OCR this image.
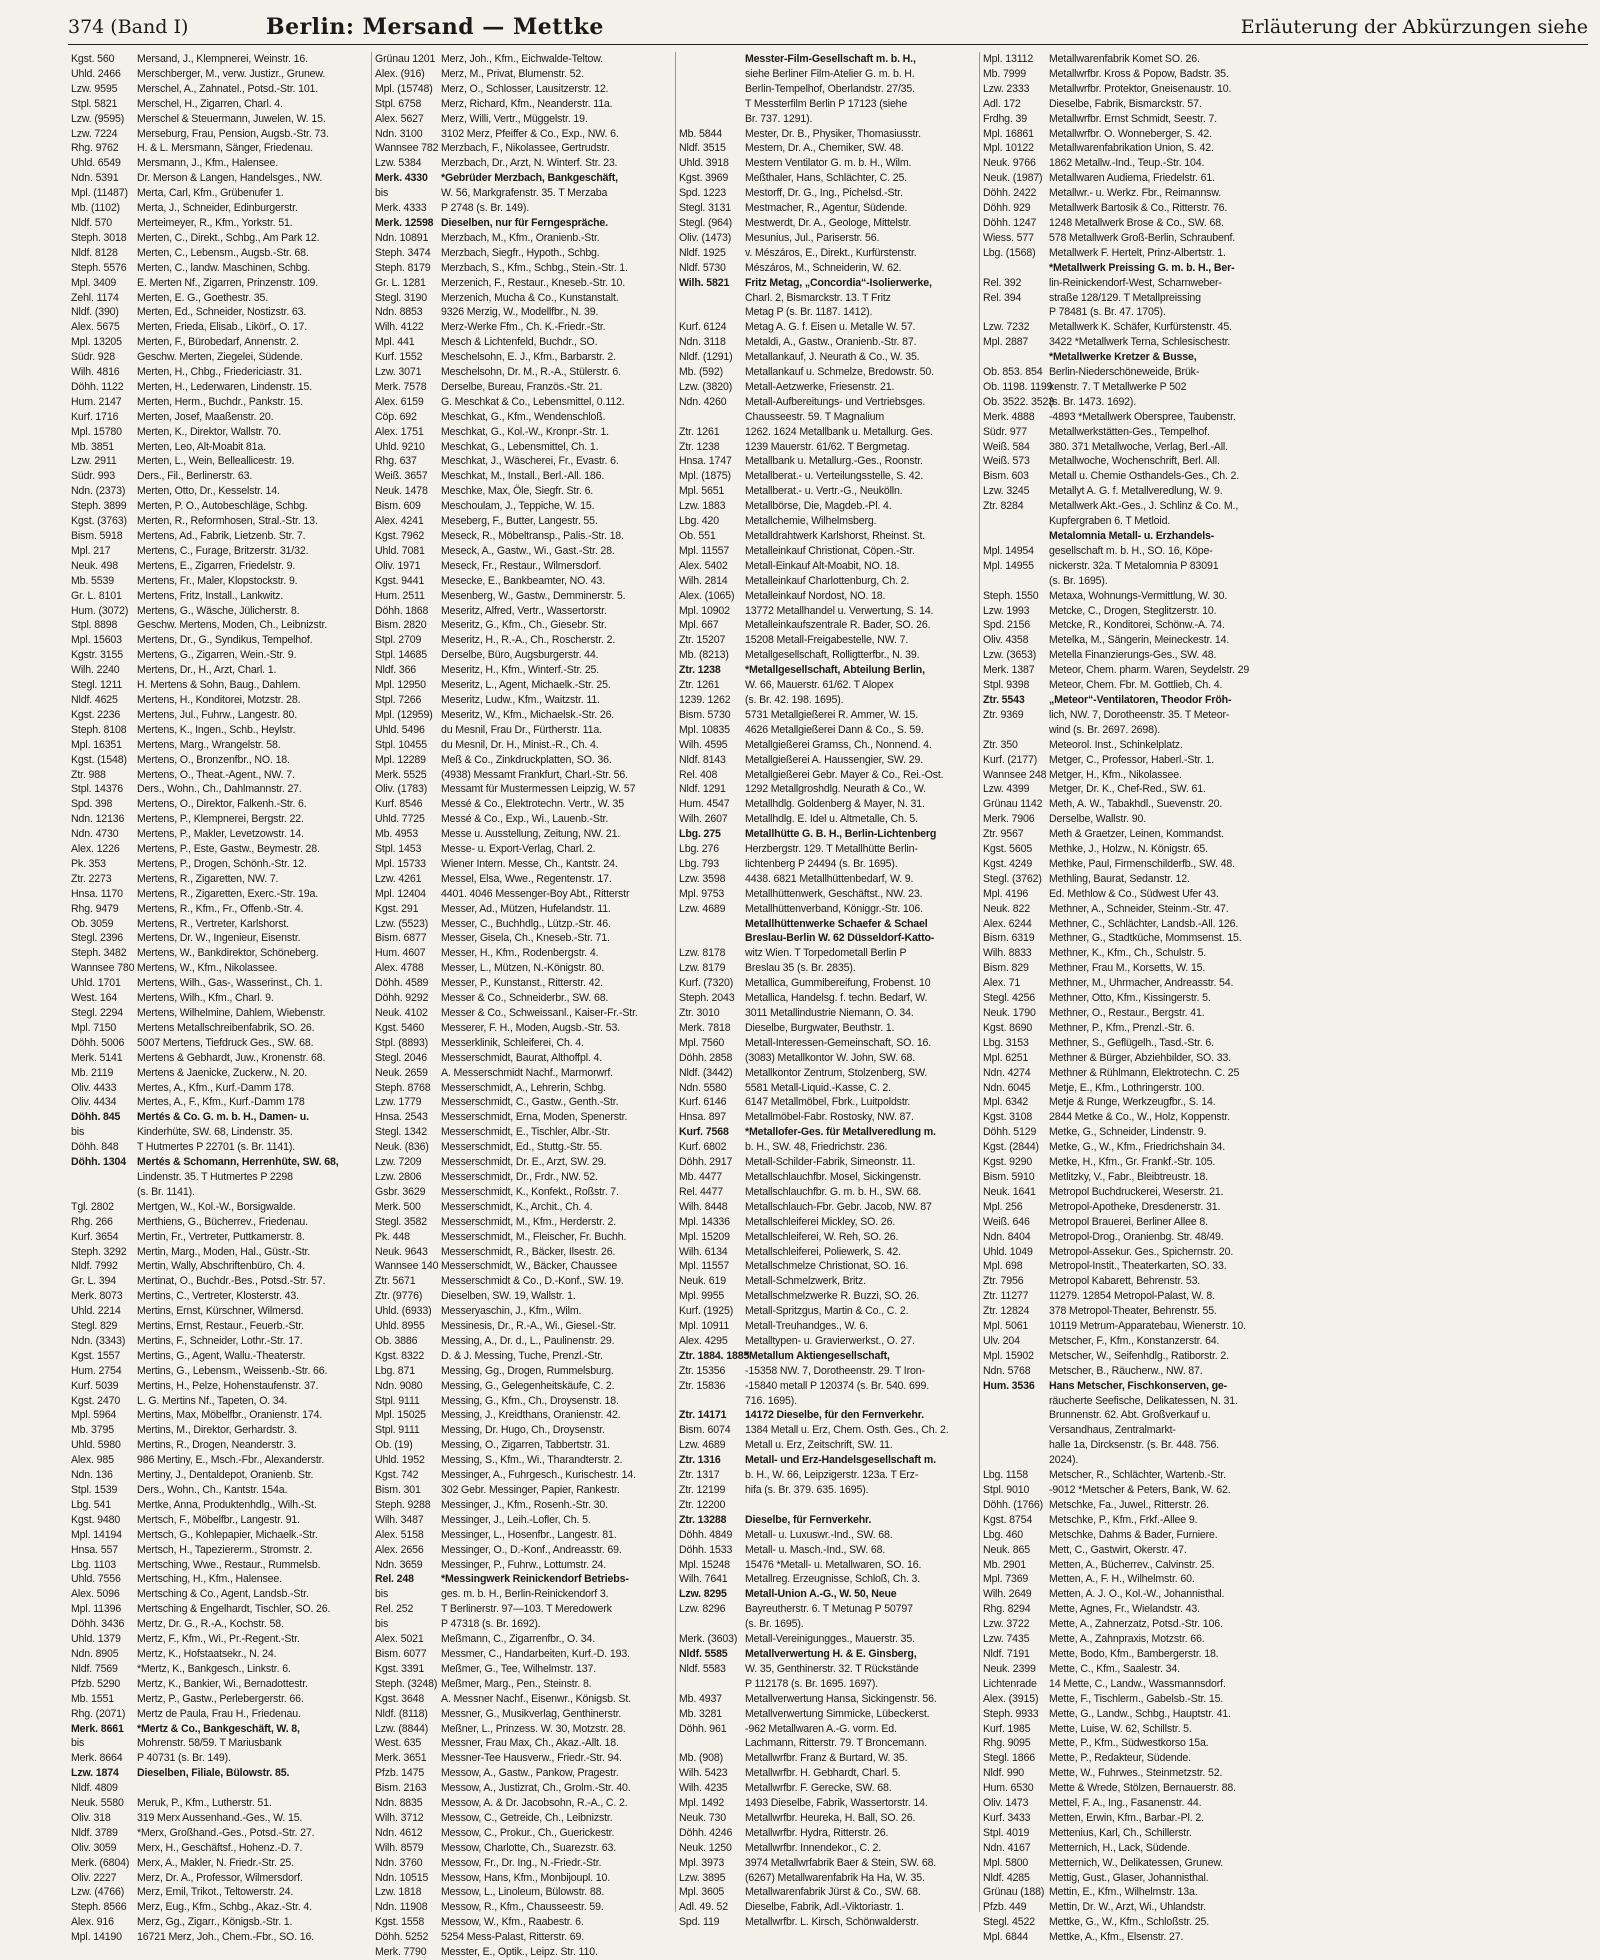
374 (Band I)	Berlin: Mersand — Mettke	Erläuterung der Abkürzungen siehe
Kgst. 560 Mersand, J., Klempnerei, Weinstr. 16.
Uhld. 2466 Merschberger, M., verw. Justizr., Grunew.
Lzw. 9595 Merschel, A., Zahnatel., Potsd.-Str. 101.
Stpl. 5821 Merschel, H., Zigarren, Charl. 4.
Lzw. (9595) Merschel & Steuermann, Juwelen, W. 15.
Lzw. 7224 Merseburg, Frau, Pension, Augsb.-Str. 73.
Rhg. 9762 H. & L. Mersmann, Sänger, Friedenau.
Uhld. 6549 Mersmann, J., Kfm., Halensee.
Ndn. 5391 Dr. Merson & Langen, Handelsges., NW.
Mpl. (11487) Merta, Carl, Kfm., Grübenufer 1.
Mb. (1102) Merta, J., Schneider, Edinburgerstr.
Nldf. 570 Merteimeyer, R., Kfm., Yorkstr. 51.
Steph. 3018 Merten, C., Direkt., Schbg., Am Park 12.
Nldf. 8128 Merten, C., Lebensm., Augsb.-Str. 68.
Steph. 5576 Merten, C., landw. Maschinen, Schbg.
Mpl. 3409 E. Merten Nf., Zigarren, Prinzenstr. 109.
Zehl. 1174 Merten, E. G., Goethestr. 35.
Nldf. (390) Merten, Ed., Schneider, Nostizstr. 63.
Alex. 5675 Merten, Frieda, Elisab., Likörf., O. 17.
Mpl. 13205 Merten, F., Bürobedarf, Annenstr. 2.
Südr. 928 Geschw. Merten, Ziegelei, Südende.
Wilh. 4816 Merten, H., Chbg., Friedericiastr. 31.
Döhh. 1122 Merten, H., Lederwaren, Lindenstr. 15.
Hum. 2147 Merten, Herm., Buchdr., Pankstr. 15.
Kurf. 1716 Merten, Josef, Maaßenstr. 20.
Mpl. 15780 Merten, K., Direktor, Wallstr. 70.
Mb. 3851 Merten, Leo, Alt-Moabit 81a.
Lzw. 2911 Merten, L., Wein, Belleallicestr. 19.
Südr. 993 Ders., Fil., Berlinerstr. 63.
Ndn. (2373) Merten, Otto, Dr., Kesselstr. 14.
Steph. 3899 Merten, P. O., Autobeschläge, Schbg.
Kgst. (3763) Merten, R., Reformhosen, Stral.-Str. 13.
Bism. 5918 Mertens, Ad., Fabrik, Lietzenb. Str. 7.
Mpl. 217	Mertens, C., Furage, Britzerstr. 31/32.
Neuk. 498 Mertens, E., Zigarren, Friedelstr. 9.
Mb. 5539 Mertens, Fr., Maler, Klopstockstr. 9.
Gr. L. 8101 Mertens, Fritz, Install., Lankwitz.
Hum. (3072) Mertens, G., Wäsche, Jülicherstr. 8.
Stpl. 8898 Geschw. Mertens, Moden, Ch., Leibnizstr.
Mpl. 15603 Mertens, Dr., G., Syndikus, Tempelhof.
Kgstr. 3155 Mertens, G., Zigarren, Wein.-Str. 9.
Wilh. 2240 Mertens, Dr., H., Arzt, Charl. 1.
Stegl. 1211 H. Mertens & Sohn, Baug., Dahlem.
Nldf. 4625 Mertens, H., Konditorei, Motzstr. 28.
Kgst. 2236 Mertens, Jul., Fuhrw., Langestr. 80.
Steph. 8108 Mertens, K., Ingen., Schb., Heylstr.
Mpl. 16351 Mertens, Marg., Wrangelstr. 58.
Kgst. (1548) Mertens, O., Bronzenfbr., NO. 18.
Ztr. 988	Mertens, O., Theat.-Agent., NW. 7.
Stpl. 14376 Ders., Wohn., Ch., Dahlmannstr. 27.
Spd. 398 Mertens, O., Direktor, Falkenh.-Str. 6.
Ndn. 12136 Mertens, P., Klempnerei, Bergstr. 22.
Ndn. 4730 Mertens, P., Makler, Levetzowstr. 14.
Alex. 1226 Mertens, P., Este, Gastw., Beymestr. 28.
Pk. 353	Mertens, P., Drogen, Schönh.-Str. 12.
Ztr. 2273 Mertens, R., Zigaretten, NW. 7.
Hnsa. 1170 Mertens, R., Zigaretten, Exerc.-Str. 19a.
Rhg. 9479 Mertens, R., Kfm., Fr., Offenb.-Str. 4.
Ob. 3059 Mertens, R., Vertreter, Karlshorst.
Stegl. 2396 Mertens, Dr. W., Ingenieur, Eisenstr.
Steph. 3482 Mertens, W., Bankdirektor, Schöneberg.
Wannsee 780 Mertens, W., Kfm., Nikolassee.
Uhld. 1701 Mertens, Wilh., Gas-, Wasserinst., Ch. 1.
West. 164 Mertens, Wilh., Kfm., Charl. 9.
Stegl. 2294 Mertens, Wilhelmine, Dahlem, Wiebenstr.
Mpl. 7150 Mertens Metallschreibenfabrik, SO. 26.
Döhh. 5006 5007 Mertens, Tiefdruck Ges., SW. 68.
Merk. 5141 Mertens & Gebhardt, Juw., Kronenstr. 68.
Mb. 2119 Mertens & Jaenicke, Zuckerw., N. 20.
Oliv. 4433 Mertes, A., Kfm., Kurf.-Damm 178.
Oliv. 4434 Mertes, A., F., Kfm., Kurf.-Damm 178
Döhh. 845 Mertés & Co. G. m. b. H., Damen- u.
bis	Kinderhüte, SW. 68, Lindenstr. 35.
Döhh. 848 T Hutmertes P 22701 (s. Br. 1141).
Döhh. 1304 Mertés & Schomann, Herrenhüte, SW. 68,
Lindenstr. 35. T Hutmertes P 2298
(s. Br. 1141).
Tgl. 2802 Mertgen, W., Kol.-W., Borsigwalde.
Rhg. 266 Merthiens, G., Bücherrev., Friedenau.
Kurf. 3654 Mertin, Fr., Vertreter, Puttkamerstr. 8.
Steph. 3292 Mertin, Marg., Moden, Hal., Güstr.-Str.
Nldf. 7992 Mertin, Wally, Abschriftenbüro, Ch. 4.
Gr. L. 394 Mertinat, O., Buchdr.-Bes., Potsd.-Str. 57.
Merk. 8073 Mertins, C., Vertreter, Klosterstr. 43.
Uhld. 2214 Mertins, Ernst, Kürschner, Wilmersd.
Stegl. 829 Mertins, Ernst, Restaur., Feuerb.-Str.
Ndn. (3343) Mertins, F., Schneider, Lothr.-Str. 17.
Kgst. 1557 Mertins, G., Agent, Wallu.-Theaterstr.
Hum. 2754 Mertins, G., Lebensm., Weissenb.-Str. 66.
Kurf. 5039 Mertins, H., Pelze, Hohenstaufenstr. 37.
Kgst. 2470 L. G. Mertins Nf., Tapeten, O. 34.
Mpl. 5964 Mertins, Max, Möbelfbr., Oranienstr. 174.
Mb. 3795 Mertins, M., Direktor, Gerhardstr. 3.
Uhld. 5980 Mertins, R., Drogen, Neanderstr. 3.
Alex. 985 986 Mertiny, E., Msch.-Fbr., Alexanderstr.
Ndn. 136 Mertiny, J., Dentaldepot, Oranienb. Str.
Stpl. 1539 Ders., Wohn., Ch., Kantstr. 154a.
Lbg. 541 Mertke, Anna, Produktenhdlg., Wilh.-St.
Kgst. 9480 Mertsch, F., Möbelfbr., Langestr. 91.
Mpl. 14194 Mertsch, G., Kohlepapier, Michaelk.-Str.
Hnsa. 557 Mertsch, H., Tapeziererm., Stromstr. 2.
Lbg. 1103 Mertsching, Wwe., Restaur., Rummelsb.
Uhld. 7556 Mertsching, H., Kfm., Halensee.
Alex. 5096 Mertsching & Co., Agent, Landsb.-Str.
Mpl. 11396 Mertsching & Engelhardt, Tischler, SO. 26.
Döhh. 3436 Mertz, Dr. G., R.-A., Kochstr. 58.
Uhld. 1379 Mertz, F., Kfm., Wi., Pr.-Regent.-Str.
Ndn. 8905 Mertz, K., Hofstaatsekr., N. 24.
Nldf. 7569 *Mertz, K., Bankgesch., Linkstr. 6.
Pfzb. 5290 Mertz, K., Bankier, Wi., Bernadottestr.
Mb. 1551 Mertz, P., Gastw., Perlebergerstr. 66.
Rhg. (2071) Mertz de Paula, Frau H., Friedenau.
Merk. 8661 *Mertz & Co., Bankgeschäft, W. 8,
bis	Mohrenstr. 58/59. T Mariusbank
Merk. 8664 P 40731 (s. Br. 149).
Lzw. 1874 Dieselben, Filiale, Bülowstr. 85.
Nldf. 4809
Neuk. 5580 Meruk, P., Kfm., Lutherstr. 51.
Oliv. 318 319 Merx Aussenhand.-Ges., W. 15.
Nldf. 3789 *Merx, Großhand.-Ges., Potsd.-Str. 27.
Oliv. 3059 Merx, H., Geschäftsf., Hohenz.-D. 7.
Merk. (6804) Merx, A., Makler, N. Friedr.-Str. 25.
Oliv. 2227 Merz, Dr. A., Professor, Wilmersdorf.
Lzw. (4766) Merz, Emil, Trikot., Teltowerstr. 24.
Steph. 8566 Merz, Eug., Kfm., Schbg., Akaz.-Str. 4.
Alex. 916 Merz, Gg., Zigarr., Königsb.-Str. 1.
Mpl. 14190 16721 Merz, Joh., Chem.-Fbr., SO. 16.
Grünau 1201 Merz, Joh., Kfm., Eichwalde-Teltow.
Alex. (916) Merz, M., Privat, Blumenstr. 52.
Mpl. (15748) Merz, O., Schlosser, Lausitzerstr. 12.
Stpl. 6758 Merz, Richard, Kfm., Neanderstr. 11a.
Alex. 5627 Merz, Willi, Vertr., Müggelstr. 19.
Ndn. 3100 3102 Merz, Pfeiffer & Co., Exp., NW. 6.
Wannsee 782 Merzbach, F., Nikolassee, Gertrudstr.
Lzw. 5384 Merzbach, Dr., Arzt, N. Winterf. Str. 23.
Merk. 4330 *Gebrüder Merzbach, Bankgeschäft,
bis	W. 56, Markgrafenstr. 35. T Merzaba
Merk. 4333 P 2748 (s. Br. 149).
Merk. 12598 Dieselben, nur für Ferngespräche.
Ndn. 10891 Merzbach, M., Kfm., Oranienb.-Str.
Steph. 3474 Merzbach, Siegfr., Hypoth., Schbg.
Steph. 8179 Merzbach, S., Kfm., Schbg., Stein.-Str. 1.
Gr. L. 1281 Merzenich, F., Restaur., Kneseb.-Str. 10.
Stegl. 3190 Merzenich, Mucha & Co., Kunstanstalt.
Ndn. 8853 9326 Merzig, W., Modellfbr., N. 39.
Wilh. 4122 Merz-Werke Ffm., Ch. K.-Friedr.-Str.
Mpl. 441	Mesch & Lichtenfeld, Buchdr., SO.
Kurf. 1552 Meschelsohn, E. J., Kfm., Barbarstr. 2.
Lzw. 3071 Meschelsohn, Dr. M., R.-A., Stülerstr. 6.
Merk. 7578 Derselbe, Bureau, Französ.-Str. 21.
Alex. 6159 G. Meschkat & Co., Lebensmittel, 0.112.
Cöp. 692 Meschkat, G., Kfm., Wendenschloß.
Alex. 1751 Meschkat, G., Kol.-W., Kronpr.-Str. 1.
Uhld. 9210 Meschkat, G., Lebensmittel, Ch. 1.
Rhg. 637 Meschkat, J., Wäscherei, Fr., Evastr. 6.
Weiß. 3657 Meschkat, M., Install., Berl.-All. 186.
Neuk. 1478 Meschke, Max, Öle, Siegfr. Str. 6.
Bism. 609 Meschoulam, J., Teppiche, W. 15.
Alex. 4241 Meseberg, F., Butter, Langestr. 55.
Kgst. 7962 Meseck, R., Möbeltransp., Palis.-Str. 18.
Uhld. 7081 Meseck, A., Gastw., Wi., Gast.-Str. 28.
Oliv. 1971 Meseck, Fr., Restaur., Wilmersdorf.
Kgst. 9441 Mesecke, E., Bankbeamter, NO. 43.
Hum. 2511 Mesenberg, W., Gastw., Demminerstr. 5.
Döhh. 1868 Meseritz, Alfred, Vertr., Wassertorstr.
Bism. 2820 Meseritz, G., Kfm., Ch., Giesebr. Str.
Stpl. 2709 Meseritz, H., R.-A., Ch., Roscherstr. 2.
Stpl. 14685 Derselbe, Büro, Augsburgerstr. 44.
Nldf. 366 Meseritz, H., Kfm., Winterf.-Str. 25.
Mpl. 12950 Meseritz, L., Agent, Michaelk.-Str. 25.
Stpl. 7266 Meseritz, Ludw., Kfm., Waitzstr. 11.
Mpl. (12959) Meseritz, W., Kfm., Michaelsk.-Str. 26.
Uhld. 5496 du Mesnil, Frau Dr., Fürtherstr. 11a.
Stpl. 10455 du Mesnil, Dr. H., Minist.-R., Ch. 4.
Mpl. 12289 Meß & Co., Zinkdruckplatten, SO. 36.
Merk. 5525 (4938) Messamt Frankfurt, Charl.-Str. 56.
Oliv. (1783) Messamt für Mustermessen Leipzig, W. 57
Kurf. 8546 Messé & Co., Elektrotechn. Vertr., W. 35
Uhld. 7725 Messé & Co., Exp., Wi., Lauenb.-Str.
Mb. 4953 Messe u. Ausstellung, Zeitung, NW. 21.
Stpl. 1453 Messe- u. Export-Verlag, Charl. 2.
Mpl. 15733 Wiener Intern. Messe, Ch., Kantstr. 24.
Lzw. 4261 Messel, Elsa, Wwe., Regentenstr. 17.
Mpl. 12404 4401. 4046 Messenger-Boy Abt., Ritterstr
Kgst. 291 Messer, Ad., Mützen, Hufelandstr. 11.
Lzw. (5523) Messer, C., Buchhdlg., Lützp.-Str. 46.
Bism. 6877 Messer, Gisela, Ch., Kneseb.-Str. 71.
Hum. 4607 Messer, H., Kfm., Rodenbergstr. 4.
Alex. 4788 Messer, L., Mützen, N.-Königstr. 80.
Döhh. 4589 Messer, P., Kunstanst., Ritterstr. 42.
Döhh. 9292 Messer & Co., Schneiderbr., SW. 68.
Neuk. 4102 Messer & Co., Schweissanl., Kaiser-Fr.-Str.
Kgst. 5460 Messerer, F. H., Moden, Augsb.-Str. 53.
Stpl. (8893) Messerklinik, Schleiferei, Ch. 4.
Stegl. 2046 Messerschmidt, Baurat, Althoffpl. 4.
Neuk. 2659 A. Messerschmidt Nachf., Marmorwrf.
Steph. 8768 Messerschmidt, A., Lehrerin, Schbg.
Lzw. 1779 Messerschmidt, C., Gastw., Genth.-Str.
Hnsa. 2543 Messerschmidt, Erna, Moden, Spenerstr.
Stegl. 1342 Messerschmidt, E., Tischler, Albr.-Str.
Neuk. (836) Messerschmidt, Ed., Stuttg.-Str. 55.
Lzw. 7209 Messerschmidt, Dr. E., Arzt, SW. 29.
Lzw. 2806 Messerschmidt, Dr., Frdr., NW. 52.
Gsbr. 3629 Messerschmidt, K., Konfekt., Roßstr. 7.
Merk. 500 Messerschmidt, K., Archit., Ch. 4.
Stegl. 3582 Messerschmidt, M., Kfm., Herderstr. 2.
Pk. 448	Messerschmidt, M., Fleischer, Fr. Buchh.
Neuk. 9643 Messerschmidt, R., Bäcker, Ilsestr. 26.
Wannsee 140 Messerschmidt, W., Bäcker, Chaussee
Ztr. 5671 Messerschmidt & Co., D.-Konf., SW. 19.
Ztr. (9776) Dieselben, SW. 19, Wallstr. 1.
Uhld. (6933) Messeryaschin, J., Kfm., Wilm.
Uhld. 8955 Messinesis, Dr., R.-A., Wi., Giesel.-Str.
Ob. 3886 Messing, A., Dr. d., L., Paulinenstr. 29.
Kgst. 8322 D. & J. Messing, Tuche, Prenzl.-Str.
Lbg. 871 Messing, Gg., Drogen, Rummelsburg.
Ndn. 9080 Messing, G., Gelegenheitskäufe, C. 2.
Stpl. 9111 Messing, G., Kfm., Ch., Droysenstr. 18.
Mpl. 15025 Messing, J., Kreidthans, Oranienstr. 42.
Stpl. 9111 Messing, Dr. Hugo, Ch., Droysenstr.
Ob. (19)	Messing, O., Zigarren, Tabbertstr. 31.
Uhld. 1952 Messing, S., Kfm., Wi., Tharandterstr. 2.
Kgst. 742 Messinger, A., Fuhrgesch., Kurischestr. 14.
Bism. 301 302 Gebr. Messinger, Papier, Rankestr.
Steph. 9288 Messinger, J., Kfm., Rosenh.-Str. 30.
Wilh. 3487 Messinger, J., Leih.-Lofler, Ch. 5.
Alex. 5158 Messinger, L., Hosenfbr., Langestr. 81.
Alex. 2656 Messinger, O., D.-Konf., Andreasstr. 69.
Ndn. 3659 Messinger, P., Fuhrw., Lottumstr. 24.
Rel. 248	*Messingwerk Reinickendorf Betriebs-
bis	ges. m. b. H., Berlin-Reinickendorf 3.
Rel. 252	T Berlinerstr. 97—103. T Meredowerk
bis	P 47318 (s. Br. 1692).
Alex. 5021 Meßmann, C., Zigarrenfbr., O. 34.
Bism. 6077 Messmer, C., Handarbeiten, Kurf.-D. 193.
Kgst. 3391 Meßmer, G., Tee, Wilhelmstr. 137.
Steph. (3248) Meßmer, Marg., Pen., Steinstr. 8.
Kgst. 3648 A. Messner Nachf., Eisenwr., Königsb. St.
Nldf. (8118) Messner, G., Musikverlag, Genthinerstr.
Lzw. (8844) Meßner, L., Prinzess. W. 30, Motzstr. 28.
West. 635 Messner, Frau Max, Ch., Akaz.-Allt. 18.
Merk. 3651 Messner-Tee Hausverw., Friedr.-Str. 94.
Pfzb. 1475 Messow, A., Gastw., Pankow, Pragestr.
Bism. 2163 Messow, A., Justizrat, Ch., Grolm.-Str. 40.
Ndn. 8835 Messow, A. & Dr. Jacobsohn, R.-A., C. 2.
Wilh. 3712 Messow, C., Getreide, Ch., Leibnizstr.
Ndn. 4612 Messow, C., Prokur., Ch., Guerickestr.
Wilh. 8579 Messow, Charlotte, Ch., Suarezstr. 63.
Ndn. 3760 Messow, Fr., Dr. Ing., N.-Friedr.-Str.
Ndn. 10515 Messow, Hans, Kfm., Monbijoupl. 10.
Lzw. 1818 Messow, L., Linoleum, Bülowstr. 88.
Ndn. 11908 Messow, R., Kfm., Chausseestr. 59.
Kgst. 1558 Messow, W., Kfm., Raabestr. 6.
Döhh. 5252 5254 Mess-Palast, Ritterstr. 69.
Merk. 7790 Messter, E., Optik., Leipz. Str. 110.
Messter-Film-Gesellschaft m. b. H.,
siehe Berliner Film-Atelier G. m. b. H.
Berlin-Tempelhof, Oberlandstr. 27/35.
T Messterfilm Berlin P 17123 (siehe
Br. 737. 1291).
Mb. 5844 Mester, Dr. B., Physiker, Thomasiusstr.
Nldf. 3515 Mestern, Dr. A., Chemiker, SW. 48.
Uhld. 3918 Mestern Ventilator G. m. b. H., Wilm.
Kgst. 3969 Meßthaler, Hans, Schlächter, C. 25.
Spd. 1223 Mestorff, Dr. G., Ing., Pichelsd.-Str.
Stegl. 3131 Mestmacher, R., Agentur, Südende.
Stegl. (964) Mestwerdt, Dr. A., Geologe, Mittelstr.
Oliv. (1473) Mesunius, Jul., Pariserstr. 56.
Nldf. 1925 v. Mészáros, E., Direkt., Kurfürstenstr.
Nldf. 5730 Mészáros, M., Schneiderin, W. 62.
Wilh. 5821 Fritz Metag, „Concordia“-Isolierwerke,
Charl. 2, Bismarckstr. 13. T Fritz
Metag P (s. Br. 1187. 1412).
Kurf. 6124 Metag A. G. f. Eisen u. Metalle W. 57.
Ndn. 3118 Metaldi, A., Gastw., Oranienb.-Str. 87.
Nldf. (1291) Metallankauf, J. Neurath & Co., W. 35.
Mb. (592) Metallankauf u. Schmelze, Bredowstr. 50.
Lzw. (3820) Metall-Aetzwerke, Friesenstr. 21.
Ndn. 4260 Metall-Aufbereitungs- und Vertriebsges.
Chausseestr. 59. T Magnalium
Ztr. 1261 1262. 1624 Metallbank u. Metallurg. Ges.
Ztr. 1238 1239 Mauerstr. 61/62. T Bergmetag.
Hnsa. 1747 Metallbank u. Metallurg.-Ges., Roonstr.
Mpl. (1875) Metallberat.- u. Verteilungsstelle, S. 42.
Mpl. 5651 Metallberat.- u. Vertr.-G., Neukölln.
Lzw. 1883 Metallbörse, Die, Magdeb.-Pl. 4.
Lbg. 420 Metallchemie, Wilhelmsberg.
Ob. 551	Metalldrahtwerk Karlshorst, Rheinst. St.
Mpl. 11557 Metalleinkauf Christionat, Cöpen.-Str.
Alex. 5402 Metall-Einkauf Alt-Moabit, NO. 18.
Wilh. 2814 Metalleinkauf Charlottenburg, Ch. 2.
Alex. (1065) Metalleinkauf Nordost, NO. 18.
Mpl. 10902 13772 Metallhandel u. Verwertung, S. 14.
Mpl. 667	Metalleinkaufszentrale R. Bader, SO. 26.
Ztr. 15207 15208 Metall-Freigabestelle, NW. 7.
Mb. (8213) Metallgesellschaft, Rolligtterfbr., N. 39.
Ztr. 1238 *Metallgesellschaft, Abteilung Berlin,
Ztr. 1261 W. 66, Mauerstr. 61/62. T Alopex
1239. 1262 (s. Br. 42. 198. 1695).
Bism. 5730 5731 Metallgießerei R. Ammer, W. 15.
Mpl. 10835 4626 Metallgießerei Dann & Co., S. 59.
Wilh. 4595 Metallgießerei Gramss, Ch., Nonnend. 4.
Nldf. 8143 Metallgießerei A. Haussengier, SW. 29.
Rel. 408	Metallgießerei Gebr. Mayer & Co., Rei.-Ost.
Nldf. 1291 1292 Metallgroshdlg. Neurath & Co., W.
Hum. 4547 Metallhdlg. Goldenberg & Mayer, N. 31.
Wilh. 2607 Metallhdlg. E. Idel u. Altmetalle, Ch. 5.
Lbg. 275 Metallhütte G. B. H., Berlin-Lichtenberg
Lbg. 276 Herzbergstr. 129. T Metallhütte Berlin-
Lbg. 793 lichtenberg P 24494 (s. Br. 1695).
Lzw. 3598 4438. 6821 Metallhüttenbedarf, W. 9.
Mpl. 9753 Metallhüttenwerk, Geschäftst., NW. 23.
Lzw. 4689 Metallhüttenverband, Königgr.-Str. 106.
Metallhüttenwerke Schaefer & Schael
Breslau-Berlin W. 62 Düsseldorf-Katto-
Lzw. 8178 witz Wien. T Torpedometall Berlin P
Lzw. 8179 Breslau 35 (s. Br. 2835).
Kurf. (7320) Metallica, Gummibereifung, Frobenst. 10
Steph. 2043 Metallica, Handelsg. f. techn. Bedarf, W.
Ztr. 3010 3011 Metallindustrie Niemann, O. 34.
Merk. 7818 Dieselbe, Burgwater, Beuthstr. 1.
Mpl. 7560 Metall-Interessen-Gemeinschaft, SO. 16.
Döhh. 2858 (3083) Metallkontor W. John, SW. 68.
Nldf. (3442) Metallkontor Zentrum, Stolzenberg, SW.
Ndn. 5580 5581 Metall-Liquid.-Kasse, C. 2.
Kurf. 6146 6147 Metallmöbel, Fbrk., Luitpoldstr.
Hnsa. 897 Metallmöbel-Fabr. Rostosky, NW. 87.
Kurf. 7568 *Metallofer-Ges. für Metallveredlung m.
Kurf. 6802 b. H., SW. 48, Friedrichstr. 236.
Döhh. 2917 Metall-Schilder-Fabrik, Simeonstr. 11.
Mb. 4477 Metallschlauchfbr. Mosel, Sickingenstr.
Rel. 4477 Metallschlauchfbr. G. m. b. H., SW. 68.
Wilh. 8448 Metallschlauch-Fbr. Gebr. Jacob, NW. 87
Mpl. 14336 Metallschleiferei Mickley, SO. 26.
Mpl. 15209 Metallschleiferei, W. Reh, SO. 26.
Wilh. 6134 Metallschleiferei, Poliewerk, S. 42.
Mpl. 11557 Metallschmelze Christionat, SO. 16.
Neuk. 619 Metall-Schmelzwerk, Britz.
Mpl. 9955 Metallschmelzwerke R. Buzzi, SO. 26.
Kurf. (1925) Metall-Spritzgus, Martin & Co., C. 2.
Mpl. 10911 Metall-Treuhandges., W. 6.
Alex. 4295 Metalltypen- u. Gravierwerkst., O. 27.
Ztr. 1884. 1885*Metallum Aktiengesellschaft,
Ztr. 15356 -15358 NW. 7, Dorotheenstr. 29. T Iron-
Ztr. 15836 -15840 metall P 120374 (s. Br. 540. 699.
716. 1695).
Ztr. 14171 14172 Dieselbe, für den Fernverkehr.
Bism. 6074 1384 Metall u. Erz, Chem. Osth. Ges., Ch. 2.
Lzw. 4689 Metall u. Erz, Zeitschrift, SW. 11.
Ztr. 1316 Metall- und Erz-Handelsgesellschaft m.
Ztr. 1317 b. H., W. 66, Leipzigerstr. 123a. T Erz-
Ztr. 12199 hifa (s. Br. 379. 635. 1695).
Ztr. 12200
Ztr. 13288 Dieselbe, für Fernverkehr.
Döhh. 4849 Metall- u. Luxuswr.-Ind., SW. 68.
Döhh. 1533 Metall- u. Masch.-Ind., SW. 68.
Mpl. 15248 15476 *Metall- u. Metallwaren, SO. 16.
Wilh. 7641 Metallreg. Erzeugnisse, Schloß, Ch. 3.
Lzw. 8295 Metall-Union A.-G., W. 50, Neue
Lzw. 8296 Bayreutherstr. 6. T Metunag P 50797
(s. Br. 1695).
Merk. (3603) Metall-Vereinigungges., Mauerstr. 35.
Nldf. 5585 Metallverwertung H. & E. Ginsberg,
Nldf. 5583 W. 35, Genthinerstr. 32. T Rückstände
P 112178 (s. Br. 1695. 1697).
Mb. 4937 Metallverwertung Hansa, Sickingenstr. 56.
Mb. 3281 Metallverwertung Simmicke, Lübeckerst.
Döhh. 961 -962 Metallwaren A.-G. vorm. Ed.
Lachmann, Ritterstr. 79. T Broncemann.
Mb. (908) Metallwrfbr. Franz & Burtard, W. 35.
Wilh. 5423 Metallwrfbr. H. Gebhardt, Charl. 5.
Wilh. 4235 Metallwrfbr. F. Gerecke, SW. 68.
Mpl. 1492 1493 Dieselbe, Fabrik, Wassertorstr. 14.
Neuk. 730 Metallwrfbr. Heureka, H. Ball, SO. 26.
Döhh. 4246 Metallwrfbr. Hydra, Ritterstr. 26.
Neuk. 1250 Metallwrfbr. Innendekor., C. 2.
Mpl. 3973 3974 Metallwrfabrik Baer & Stein, SW. 68.
Lzw. 3895 (6267) Metallwarenfabrik Ha Ha, W. 35.
Mpl. 3605 Metallwarenfabrik Jürst & Co., SW. 68.
Adl. 49. 52 Dieselbe, Fabrik, Adl.-Viktoriastr. 1.
Spd. 119 Metallwrfbr. L. Kirsch, Schönwalderstr.
Mpl. 13112 Metallwarenfabrik Komet SO. 26.
Mb. 7999 Metallwrfbr. Kross & Popow, Badstr. 35.
Lzw. 2333 Metallwrfbr. Protektor, Gneisenaustr. 10.
Adl. 172	Dieselbe, Fabrik, Bismarckstr. 57.
Frdhg. 39 Metallwrfbr. Ernst Schmidt, Seestr. 7.
Mpl. 16861 Metallwrfbr. O. Wonneberger, S. 42.
Mpl. 10122 Metallwarenfabrikation Union, S. 42.
Neuk. 9766 1862 Metallw.-Ind., Teup.-Str. 104.
Neuk. (1987) Metallwaren Audiema, Friedelstr. 61.
Döhh. 2422 Metallwr.- u. Werkz. Fbr., Reimannsw.
Döhh. 929 Metallwerk Bartosik & Co., Ritterstr. 76.
Döhh. 1247 1248 Metallwerk Brose & Co., SW. 68.
Wiess. 577 578 Metallwerk Groß-Berlin, Schraubenf.
Lbg. (1568) Metallwerk F. Hertelt, Prinz-Albertstr. 1.
*Metallwerk Preissing G. m. b. H., Ber-
Rel. 392	lin-Reinickendorf-West, Scharnweber-
Rel. 394	straße 128/129. T Metallpreissing
P 78481 (s. Br. 47. 1705).
Lzw. 7232 Metallwerk K. Schäfer, Kurfürstenstr. 45.
Mpl. 2887 3422 *Metallwerk Terna, Schlesischestr.
*Metallwerke Kretzer & Busse,
Ob. 853. 854 Berlin-Niederschöneweide, Brük-
Ob. 1198. 1199kenstr. 7. T Metallwerke P 502
Ob. 3522. 3523(s. Br. 1473. 1692).
Merk. 4888 -4893 *Metallwerk Obersprее, Taubenstr.
Südr. 977 Metallwerkstätten-Ges., Tempelhof.
Weiß. 584 380. 371 Metallwoche, Verlag, Berl.-All.
Weiß. 573 Metallwoche, Wochenschrift, Berl. All.
Bism. 603 Metall u. Chemie Osthandels-Ges., Ch. 2.
Lzw. 3245 Metallyt A. G. f. Metallveredlung, W. 9.
Ztr. 8284 Metallwerk Akt.-Ges., J. Schlinz & Co. M.,
Kupfergraben 6. T Metloid.
Metalomnia Metall- u. Erzhandels-
Mpl. 14954 gesellschaft m. b. H., SO. 16, Köpe-
Mpl. 14955 nickerstr. 32a. T Metalomnia P 83091
(s. Br. 1695).
Steph. 1550 Metaxa, Wohnungs-Vermittlung, W. 30.
Lzw. 1993 Metcke, C., Drogen, Steglitzerstr. 10.
Spd. 2156 Metcke, R., Konditorei, Schönw.-A. 74.
Oliv. 4358 Metelka, M., Sängerin, Meineckestr. 14.
Lzw. (3653) Metella Finanzierungs-Ges., SW. 48.
Merk. 1387 Meteor, Chem. pharm. Waren, Seydelstr. 29
Stpl. 9398 Meteor, Chem. Fbr. M. Gottlieb, Ch. 4.
Ztr. 5543 „Meteor“-Ventilatoren, Theodor Fröh-
Ztr. 9369 lich, NW. 7, Dorotheenstr. 35. T Meteor-
wind (s. Br. 2697. 2698).
Ztr. 350	Meteorol. Inst., Schinkelplatz.
Kurf. (2177) Metger, C., Professor, Haberl.-Str. 1.
Wannsee 248 Metger, H., Kfm., Nikolassee.
Lzw. 4399 Metger, Dr. K., Chef-Red., SW. 61.
Grünau 1142 Meth, A. W., Tabakhdl., Suevenstr. 20.
Merk. 7906 Derselbe, Wallstr. 90.
Ztr. 9567 Meth & Graetzer, Leinen, Kommandst.
Kgst. 5605 Methke, J., Holzw., N. Königstr. 65.
Kgst. 4249 Methke, Paul, Firmenschilderfb., SW. 48.
Stegl. (3762) Methling, Baurat, Sedanstr. 12.
Mpl. 4196 Ed. Methlow & Co., Südwest Ufer 43.
Neuk. 822 Methner, A., Schneider, Steinm.-Str. 47.
Alex. 6244 Methner, C., Schlächter, Landsb.-All. 126.
Bism. 6319 Methner, G., Stadtküche, Mommsenst. 15.
Wilh. 8833 Methner, K., Kfm., Ch., Schulstr. 5.
Bism. 829 Methner, Frau M., Korsetts, W. 15.
Alex. 71	Methner, M., Uhrmacher, Andreasstr. 54.
Stegl. 4256 Methner, Otto, Kfm., Kissingerstr. 5.
Neuk. 1790 Methner, O., Restaur., Bergstr. 41.
Kgst. 8690 Methner, P., Kfm., Prenzl.-Str. 6.
Lbg. 3153 Methner, S., Geflügelh., Tasd.-Str. 6.
Mpl. 6251 Methner & Bürger, Abziehbilder, SO. 33.
Ndn. 4274 Methner & Rühlmann, Elektrotechn. C. 25
Ndn. 6045 Metje, E., Kfm., Lothringerstr. 100.
Mpl. 6342 Metje & Runge, Werkzeugfbr., S. 14.
Kgst. 3108 2844 Metke & Co., W., Holz, Koppenstr.
Döhh. 5129 Metke, G., Schneider, Lindenstr. 9.
Kgst. (2844) Metke, G., W., Kfm., Friedrichshain 34.
Kgst. 9290 Metke, H., Kfm., Gr. Frankf.-Str. 105.
Bism. 5910 Metlitzky, V., Fabr., Bleibtreustr. 18.
Neuk. 1641 Metropol Buchdruckerei, Weserstr. 21.
Mpl. 256	Metropol-Apotheke, Dresdenerstr. 31.
Weiß. 646 Metropol Brauerei, Berliner Allee 8.
Ndn. 8404 Metropol-Drog., Oranienbg. Str. 48/49.
Uhld. 1049 Metropol-Assekur. Ges., Spichernstr. 20.
Mpl. 698	Metropol-Instit., Theaterkarten, SO. 33.
Ztr. 7956 Metropol Kabarett, Behrenstr. 53.
Ztr. 11277 11279. 12854 Metropol-Palast, W. 8.
Ztr. 12824 378 Metropol-Theater, Behrenstr. 55.
Mpl. 5061 10119 Metrum-Apparatebau, Wienerstr. 10.
Ulv. 204	Metscher, F., Kfm., Konstanzerstr. 64.
Mpl. 15902 Metscher, W., Seifenhdlg., Ratiborstr. 2.
Ndn. 5768 Metscher, B., Räucherw., NW. 87.
Hum. 3536 Hans Metscher, Fischkonserven, ge-
räucherte Seefische, Delikatessen, N. 31.
Brunnenstr. 62. Abt. Großverkauf u.
Versandhaus, Zentralmarkt-
halle 1a, Dircksenstr. (s. Br. 448. 756.
2024).
Lbg. 1158 Metscher, R., Schlächter, Wartenb.-Str.
Stpl. 9010 -9012 *Metscher & Peters, Bank, W. 62.
Döhh. (1766) Metschke, Fa., Juwel., Ritterstr. 26.
Kgst. 8754 Metschke, P., Kfm., Frkf.-Allee 9.
Lbg. 460 Metschke, Dahms & Bader, Furniere.
Neuk. 865 Mett, C., Gastwirt, Okerstr. 47.
Mb. 2901 Metten, A., Bücherrev., Calvinstr. 25.
Mpl. 7369 Metten, A., F. H., Wilhelmstr. 60.
Wilh. 2649 Metten, A. J. O., Kol.-W., Johannisthal.
Rhg. 8294 Mette, Agnes, Fr., Wielandstr. 43.
Lzw. 3722 Mette, A., Zahnerzatz, Potsd.-Str. 106.
Lzw. 7435 Mette, A., Zahnpraxis, Motzstr. 66.
Nldf. 7191 Mette, Bodo, Kfm., Bambergerstr. 18.
Neuk. 2399 Mette, C., Kfm., Saalestr. 34.
Lichtenrade 14 Mette, C., Landw., Wassmannsdorf.
Alex. (3915) Mette, F., Tischlerm., Gabelsb.-Str. 15.
Steph. 9933 Mette, G., Landw., Schbg., Hauptstr. 41.
Kurf. 1985 Mette, Luise, W. 62, Schillstr. 5.
Rhg. 9095 Mette, P., Kfm., Südwestkorso 15a.
Stegl. 1866 Mette, P., Redakteur, Südende.
Nldf. 990 Mette, W., Fuhrwes., Steinmetzstr. 52.
Hum. 6530 Mette & Wrede, Stölzen, Bernauerstr. 88.
Oliv. 1473 Mettel, F. A., Ing., Fasanenstr. 44.
Kurf. 3433 Metten, Erwin, Kfm., Barbar.-Pl. 2.
Stpl. 4019 Mettenius, Karl, Ch., Schillerstr.
Ndn. 4167 Metternich, H., Lack, Südende.
Mpl. 5800 Metternich, W., Delikatessen, Grunew.
Nldf. 4285 Mettig, Gust., Glaser, Johannisthal.
Grünau (188) Mettin, E., Kfm., Wilhelmstr. 13a.
Pfzb. 449 Mettin, Dr. W., Arzt, Wi., Uhlandstr.
Stegl. 4522 Mettke, G., W., Kfm., Schloßstr. 25.
Mpl. 6844 Mettke, A., Kfm., Elsenstr. 27.
